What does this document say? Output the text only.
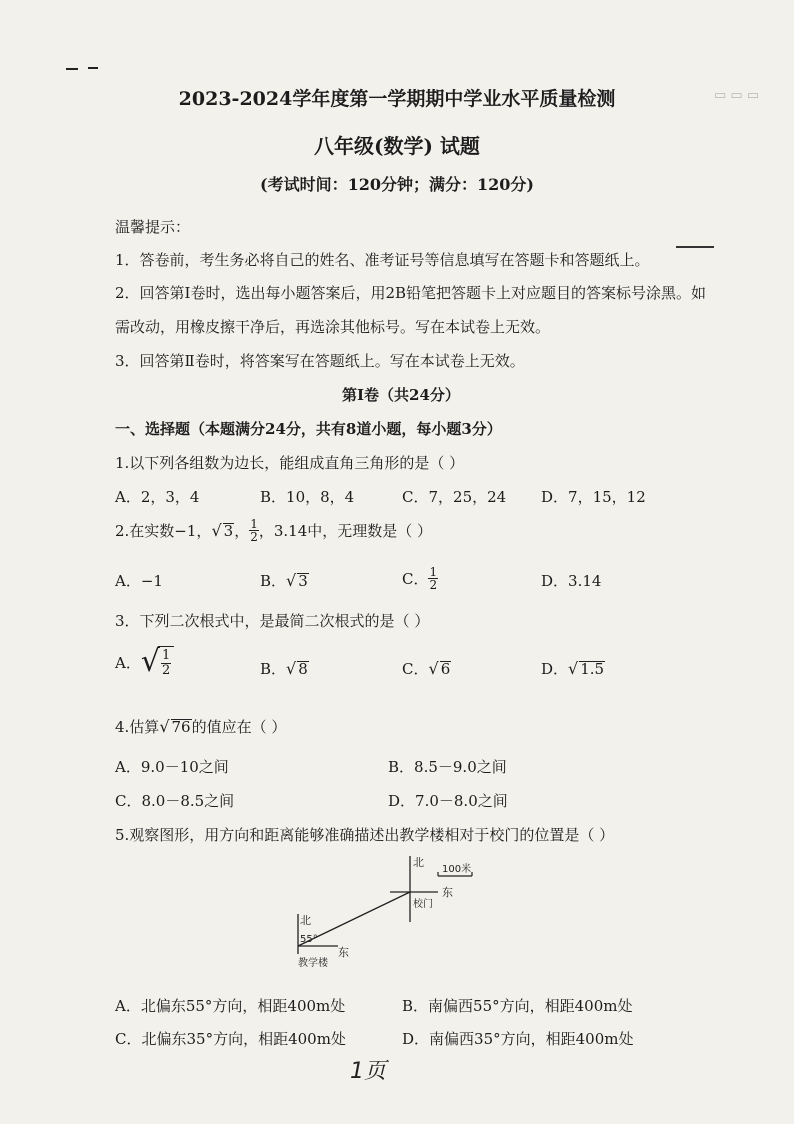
▭ ▭ ▭
2023-2024学年度第一学期期中学业水平质量检测
八年级(数学) 试题
(考试时间：120分钟；满分：120分)
温馨提示：
1．答卷前，考生务必将自己的姓名、准考证号等信息填写在答题卡和答题纸上。
2．回答第Ⅰ卷时，选出每小题答案后，用2B铅笔把答题卡上对应题目的答案标号涂黑。如
需改动，用橡皮擦干净后，再选涂其他标号。写在本试卷上无效。
3．回答第Ⅱ卷时，将答案写在答题纸上。写在本试卷上无效。
第Ⅰ卷（共24分）
一、选择题（本题满分24分，共有8道小题，每小题3分）
1.以下列各组数为边长，能组成直角三角形的是（ ）
A．2，3，4	B．10，8，4	C．7，25，24 D．7，15，12
2.在实数−1， √ 3 ， $\frac{1}{2}$ ，3.14中，无理数是（ ）
A．−1	B．√ 3	C． $\frac{1}{2}$	D．3.14
3．下列二次根式中，是最简二次根式的是（ ）
A． √ $\frac{1}{2}$	B．√ 8	C．√ 6	D．√ 1.5
4.估算√ 76的值应在（ ）
A．9.0－10之间	B．8.5－9.0之间
C．8.0－8.5之间	D．7.0－8.0之间
5.观察图形，用方向和距离能够准确描述出教学楼相对于校门的位置是（ ）
北
东
校门
100米
北
55°
东
教学楼
A．北偏东55°方向，相距400m处	B．南偏西55°方向，相距400m处
C．北偏东35°方向，相距400m处	D．南偏西35°方向，相距400m处
1页
